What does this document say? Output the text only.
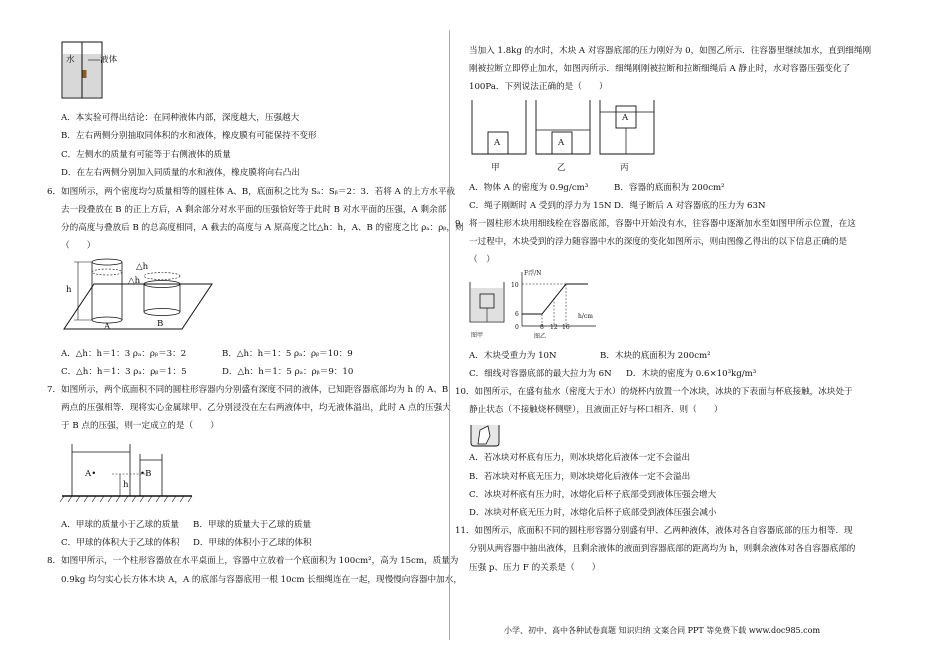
水	液体
A．本实验可得出结论：在同种液体内部，深度越大，压强越大
B．左右两侧分别抽取同体积的水和液体，橡皮膜有可能保持不变形
C．左侧水的质量有可能等于右侧液体的质量
D．在左右两侧分别加入同质量的水和液体，橡皮膜将向右凸出
6．如图所示，两个密度均匀质量相等的圆柱体 A、B，底面积之比为 Sₐ：Sᵦ＝2：3．若将 A 的上方水平截
去一段叠放在 B 的正上方后，A 剩余部分对水平面的压强恰好等于此时 B 对水平面的压强，A 剩余部
分的高度与叠放后 B 的总高度相同，A 截去的高度与 A 原高度之比△h：h，A、B 的密度之比 ρₐ：ρᵦ，则
（　　）
△h
△h
h
A	B
A．△h：h＝1：3 ρₐ：ρᵦ＝3：2	B．△h：h＝1：5 ρₐ：ρᵦ＝10：9
C．△h：h＝1：3 ρₐ：ρᵦ＝1：5	D．△h：h＝1：5 ρₐ：ρᵦ＝9：10
7．如图所示，两个底面积不同的圆柱形容器内分别盛有深度不同的液体，已知距容器底部均为 h 的 A、B
两点的压强相等．现将实心金属球甲、乙分别浸没在左右两液体中，均无液体溢出，此时 A 点的压强大
于 B 点的压强，则一定成立的是（　　）
A•	•B
h
A．甲球的质量小于乙球的质量 B．甲球的质量大于乙球的质量
C．甲球的体积大于乙球的体积 D．甲球的体积小于乙球的体积
8．如图甲所示，一个柱形容器放在水平桌面上，容器中立放着一个底面积为 100cm²，高为 15cm，质量为
0.9kg 均匀实心长方体木块 A，A 的底部与容器底用一根 10cm 长细绳连在一起，现慢慢向容器中加水，
当加入 1.8kg 的水时，木块 A 对容器底部的压力刚好为 0，如图乙所示．往容器里继续加水，直到细绳刚
刚被拉断立即停止加水，如图丙所示．细绳刚刚被拉断和拉断细绳后 A 静止时，水对容器压强变化了
100Pa．下列说法正确的是（　　）
A	A
A
甲	乙	丙
A．物体 A 的密度为 0.9g/cm³	B．容器的底面积为 200cm²
C．绳子刚断时 A 受到的浮力为 15N D．绳子断后 A 对容器底的压力为 63N
9．将一圆柱形木块用细线栓在容器底部，容器中开始没有水，往容器中逐渐加水至如图甲所示位置，在这
一过程中，木块受到的浮力随容器中水的深度的变化如图所示，则由图像乙得出的以下信息正确的是
（　）
F浮/N
10
6
0	8 12 16
h/cm
图甲	图乙
A．木块受重力为 10N	B．木块的底面积为 200cm²
C．细线对容器底部的最大拉力为 6N D．木块的密度为 0.6×10³kg/m³
10．如图所示，在盛有盐水（密度大于水）的烧杯内放置一个冰块，冰块的下表面与杯底接触，冰块处于
静止状态（不接触烧杯侧壁），且液面正好与杯口相齐．则（　　）
A．若冰块对杯底有压力，则冰块熔化后液体一定不会溢出
B．若冰块对杯底无压力，则冰块熔化后液体一定不会溢出
C．冰块对杯底有压力时，冰熔化后杯子底部受到液体压强会增大
D．冰块对杯底无压力时，冰熔化后杯子底部受到液体压强会减小
11．如图所示，底面积不同的圆柱形容器分别盛有甲、乙两种液体，液体对各自容器底部的压力相等．现
分别从两容器中抽出液体，且剩余液体的液面到容器底部的距离均为 h，则剩余液体对各自容器底部的
压强 p、压力 F 的关系是（　　）
小学、初中、高中各种试卷真题 知识归纳 文案合同 PPT 等免费下载 www.doc985.com
